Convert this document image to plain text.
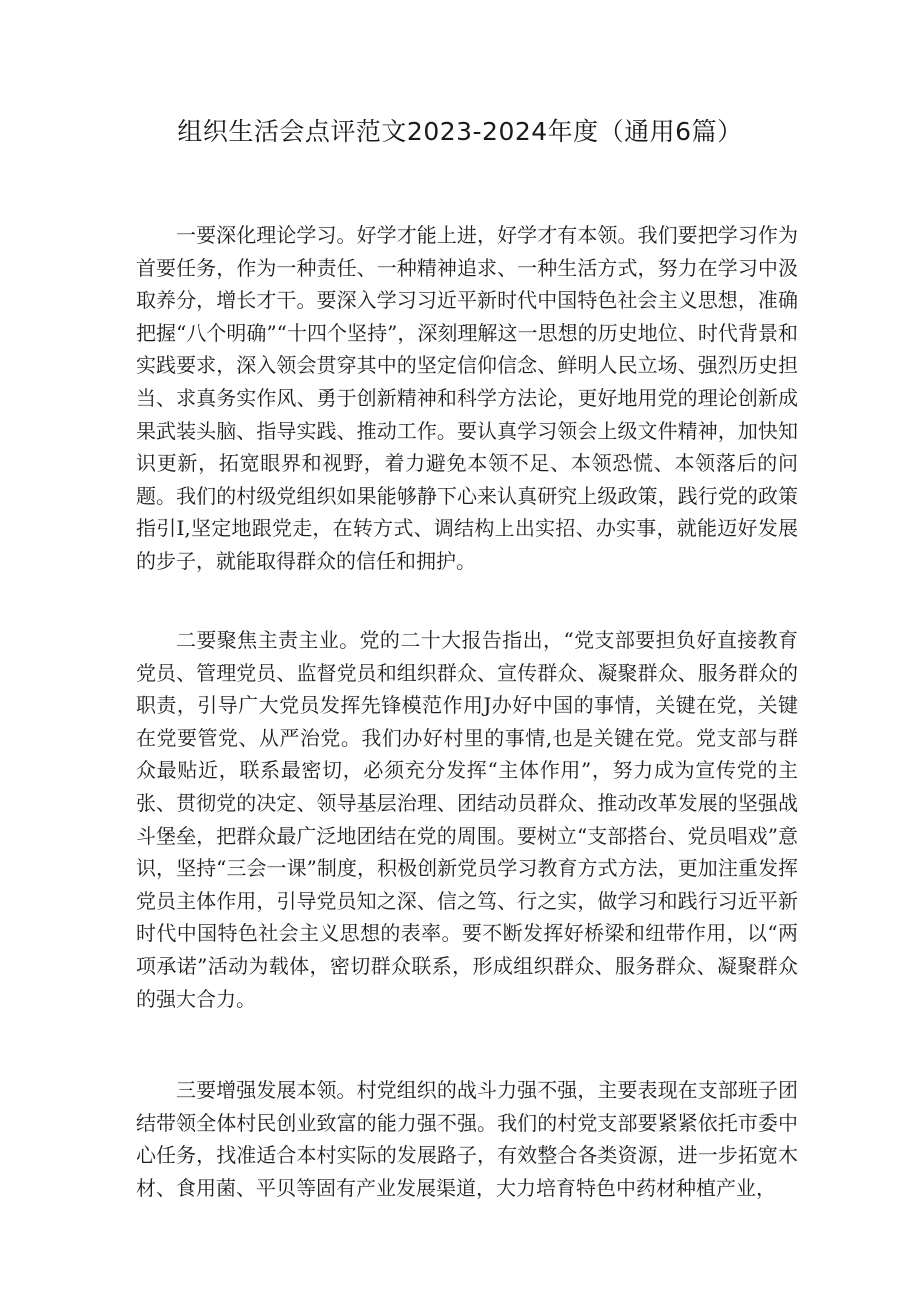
组织生活会点评范文2023-2024年度（通用6篇）

一要深化理论学习。好学才能上进，好学才有本领。我们要把学习作为首要任务，作为一种责任、一种精神追求、一种生活方式，努力在学习中汲取养分，增长才干。要深入学习习近平新时代中国特色社会主义思想，准确把握“八个明确”“十四个坚持”，深刻理解这一思想的历史地位、时代背景和实践要求，深入领会贯穿其中的坚定信仰信念、鲜明人民立场、强烈历史担当、求真务实作风、勇于创新精神和科学方法论，更好地用党的理论创新成果武装头脑、指导实践、推动工作。要认真学习领会上级文件精神，加快知识更新，拓宽眼界和视野，着力避免本领不足、本领恐慌、本领落后的问题。我们的村级党组织如果能够静下心来认真研究上级政策，践行党的政策指引I,坚定地跟党走，在转方式、调结构上出实招、办实事，就能迈好发展的步子，就能取得群众的信任和拥护。

二要聚焦主责主业。党的二十大报告指出，“党支部要担负好直接教育党员、管理党员、监督党员和组织群众、宣传群众、凝聚群众、服务群众的职责，引导广大党员发挥先锋模范作用J办好中国的事情，关键在党，关键在党要管党、从严治党。我们办好村里的事情,也是关键在党。党支部与群众最贴近，联系最密切，必须充分发挥“主体作用”，努力成为宣传党的主张、贯彻党的决定、领导基层治理、团结动员群众、推动改革发展的坚强战斗堡垒，把群众最广泛地团结在党的周围。要树立“支部搭台、党员唱戏”意识，坚持“三会一课”制度，积极创新党员学习教育方式方法，更加注重发挥党员主体作用，引导党员知之深、信之笃、行之实，做学习和践行习近平新时代中国特色社会主义思想的表率。要不断发挥好桥梁和纽带作用，以“两项承诺”活动为载体，密切群众联系，形成组织群众、服务群众、凝聚群众的强大合力。

三要增强发展本领。村党组织的战斗力强不强，主要表现在支部班子团结带领全体村民创业致富的能力强不强。我们的村党支部要紧紧依托市委中心任务，找准适合本村实际的发展路子，有效整合各类资源，进一步拓宽木材、食用菌、平贝等固有产业发展渠道，大力培育特色中药材种植产业，
